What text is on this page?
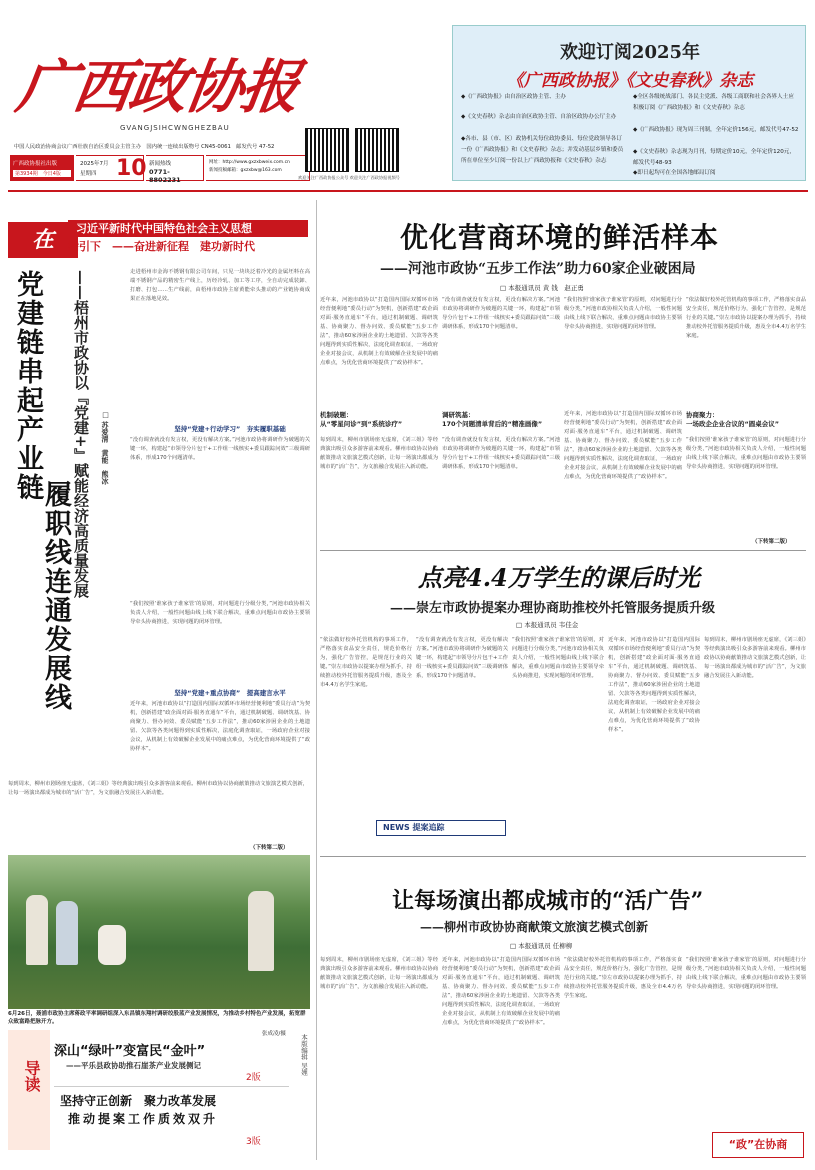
广西政协报
GVANGJSIHCWNGHEZBAU
中国人民政治协商会议广西壮族自治区委员会主管主办　国内统一连续出版物号 CN45-0061　邮发代号 47-52
广西政协报社出版
第3934期　今日4版
2025年7月
星期四 10 新闻热线
0771-8802231
网址：http://www.gxzxbweix.com.cn
新闻投稿邮箱：gxzxbw@163.com
欢迎关注广西政协报公众号 欢迎关注广西政协报视频号
欢迎订阅2025年
《广西政协报》《文史春秋》杂志
◆《广西政协报》由自治区政协主管、主办
◆《文史春秋》杂志由自治区政协主管、自治区政协办公厅主办
◆各市、县（市、区）政协机关每位政协委员、每位党政领导各订一份《广西政协报》和《文史春秋》杂志；并发动基层乡镇和委员所在单位至少订阅一份以上广西政协报和《文史春秋》杂志
◆全区各级统战部门、各民主党派、各级工商联和社会各界人士应积极订阅《广西政协报》和《文史春秋》杂志
◆《广西政协报》现为周三刊制，全年定价156元，邮发代号47-52
◆《文史春秋》杂志现为月刊，每期定价10元，全年定价120元，邮发代号48-93
◆即日起均可在全国各地邮局订阅
在	习近平新时代中国特色社会主义思想
指引下　——奋进新征程　建功新时代
党建链串起产业链
履职线连通发展线 ——梧州市政协以『党建+』赋能经济高质量发展 □ 苏爱清　黄能　熊冰
走进梧州市金海不锈钢有限公司车间，只见一块块泛着冷光的金属坯料在高端不锈钢产品的精密生产线上，历经冷轧、加工等工序，全自动完成装卸、打磨、打包……生产线前，由梧州市政协主席黄能牵头推动的产业链协商成果正在落地见效。
坚持“党建+行动学习”　夯实履职基础
“没有调查就没有发言权，更没有解决方案。”河池市政协将调研作为破题的关键一环，构建起“市领导分片包干+工作组一线核实+委员跟踪问效”三级调研体系，形成170个问题清单。
“我们按照‘谁家孩子谁家管’的原则，对问题进行分级分类，”河池市政协相关负责人介绍，一般性问题由线上线下联合解决，重难点问题由市政协主要领导牵头协商推进，实现问题的闭环管理。
坚持“党建+重点协商”　提高建言水平
近年来，河池市政协以“打造国内国际双循环市场经营便利地”委员行动”为契机，创新搭建“政企面对面·服务直通车”平台，通过机制破题、调研筑基、协商聚力、督办问效、委员赋能“五步工作法”，推动60家涉困企业的土地遗留、欠款等各类问题得到实质性解决，法庭化调查取证，一场政府企业对接会议，从机制上有效破解企业发展中的痛点难点，为优化营商环境提供了“政协样本”。
每到周末，柳州市剧场座无虚席，《刘三姐》等经典演出吸引众多游客前来观看。柳州市政协以协商献策推动文旅演艺模式创新，让每一场演出都成为城市的“活广告”，为文旅融合发展注入新动能。
（下转第二版）
6月26日，聂浦市政协主席蒋政平率调研组深入东昌镇东翔村调研绞股蓝产业发展情况，为推动乡村特色产业发展，拓宽群众致富路把脉开方。
张成凌/摄
导读
深山“绿叶”变富民“金叶”
——平乐县政协助推石崖茶产业发展侧记
2版
坚持守正创新　聚力改革发展
推动提案工作质效双升
3版
本版编辑 吴娌
优化营商环境的鲜活样本
——河池市政协“五步工作法”助力60家企业破困局
□ 本报通讯员 黄 钱　赵正勇
近年来，河池市政协以“打造国内国际双循环市场经营便利地”委员行动”为契机，创新搭建“政企面对面·服务直通车”平台，通过机制破题、调研筑基、协商聚力、督办问效、委员赋能“五步工作法”，推动60家涉困企业的土地遗留、欠款等各类问题得到实质性解决，法庭化调查取证，一场政府企业对接会议，从机制上有效破解企业发展中的痛点难点，为优化营商环境提供了“政协样本”。
“没有调查就没有发言权，更没有解决方案。”河池市政协将调研作为破题的关键一环，构建起“市领导分片包干+工作组一线核实+委员跟踪问效”三级调研体系，形成170个问题清单。
“我们按照‘谁家孩子谁家管’的原则，对问题进行分级分类，”河池市政协相关负责人介绍，一般性问题由线上线下联合解决，重难点问题由市政协主要领导牵头协商推进，实现问题的闭环管理。
“依法做好校外托管机构的事项工作，严格落实食品安全责任，规范价格行为，强化广告管控，是规范行业的关键。”崇左市政协以提案办理为抓手，持续推动校外托管服务提质升级，惠及全市4.4万名学生家庭。
机制破题：
从“零星问诊”到“系统诊疗”
调研筑基：
170个问题清单背后的“精准画像”
协商聚力：
一场政企企业合议的“圆桌会议”
每到周末，柳州市剧场座无虚席，《刘三姐》等经典演出吸引众多游客前来观看。柳州市政协以协商献策推动文旅演艺模式创新，让每一场演出都成为城市的“活广告”，为文旅融合发展注入新动能。
“没有调查就没有发言权，更没有解决方案。”河池市政协将调研作为破题的关键一环，构建起“市领导分片包干+工作组一线核实+委员跟踪问效”三级调研体系，形成170个问题清单。
近年来，河池市政协以“打造国内国际双循环市场经营便利地”委员行动”为契机，创新搭建“政企面对面·服务直通车”平台，通过机制破题、调研筑基、协商聚力、督办问效、委员赋能“五步工作法”，推动60家涉困企业的土地遗留、欠款等各类问题得到实质性解决，法庭化调查取证，一场政府企业对接会议，从机制上有效破解企业发展中的痛点难点，为优化营商环境提供了“政协样本”。
“我们按照‘谁家孩子谁家管’的原则，对问题进行分级分类，”河池市政协相关负责人介绍，一般性问题由线上线下联合解决，重难点问题由市政协主要领导牵头协商推进，实现问题的闭环管理。
（下转第二版）
点亮4.4万学生的课后时光
——崇左市政协提案办理协商助推校外托管服务提质升级
□ 本报通讯员 韦佳金
“依法做好校外托管机构的事项工作，严格落实食品安全责任，规范价格行为，强化广告管控，是规范行业的关键。”崇左市政协以提案办理为抓手，持续推动校外托管服务提质升级，惠及全市4.4万名学生家庭。
“没有调查就没有发言权，更没有解决方案。”河池市政协将调研作为破题的关键一环，构建起“市领导分片包干+工作组一线核实+委员跟踪问效”三级调研体系，形成170个问题清单。
“我们按照‘谁家孩子谁家管’的原则，对问题进行分级分类，”河池市政协相关负责人介绍，一般性问题由线上线下联合解决，重难点问题由市政协主要领导牵头协商推进，实现问题的闭环管理。
近年来，河池市政协以“打造国内国际双循环市场经营便利地”委员行动”为契机，创新搭建“政企面对面·服务直通车”平台，通过机制破题、调研筑基、协商聚力、督办问效、委员赋能“五步工作法”，推动60家涉困企业的土地遗留、欠款等各类问题得到实质性解决，法庭化调查取证，一场政府企业对接会议，从机制上有效破解企业发展中的痛点难点，为优化营商环境提供了“政协样本”。
每到周末，柳州市剧场座无虚席，《刘三姐》等经典演出吸引众多游客前来观看。柳州市政协以协商献策推动文旅演艺模式创新，让每一场演出都成为城市的“活广告”，为文旅融合发展注入新动能。
NEWS 提案追踪
让每场演出都成城市的“活广告”
——柳州市政协协商献策文旅演艺模式创新
□ 本报通讯员 任柳柳
每到周末，柳州市剧场座无虚席，《刘三姐》等经典演出吸引众多游客前来观看。柳州市政协以协商献策推动文旅演艺模式创新，让每一场演出都成为城市的“活广告”，为文旅融合发展注入新动能。
近年来，河池市政协以“打造国内国际双循环市场经营便利地”委员行动”为契机，创新搭建“政企面对面·服务直通车”平台，通过机制破题、调研筑基、协商聚力、督办问效、委员赋能“五步工作法”，推动60家涉困企业的土地遗留、欠款等各类问题得到实质性解决，法庭化调查取证，一场政府企业对接会议，从机制上有效破解企业发展中的痛点难点，为优化营商环境提供了“政协样本”。
“依法做好校外托管机构的事项工作，严格落实食品安全责任，规范价格行为，强化广告管控，是规范行业的关键。”崇左市政协以提案办理为抓手，持续推动校外托管服务提质升级，惠及全市4.4万名学生家庭。
“我们按照‘谁家孩子谁家管’的原则，对问题进行分级分类，”河池市政协相关负责人介绍，一般性问题由线上线下联合解决，重难点问题由市政协主要领导牵头协商推进，实现问题的闭环管理。
“政”在协商
